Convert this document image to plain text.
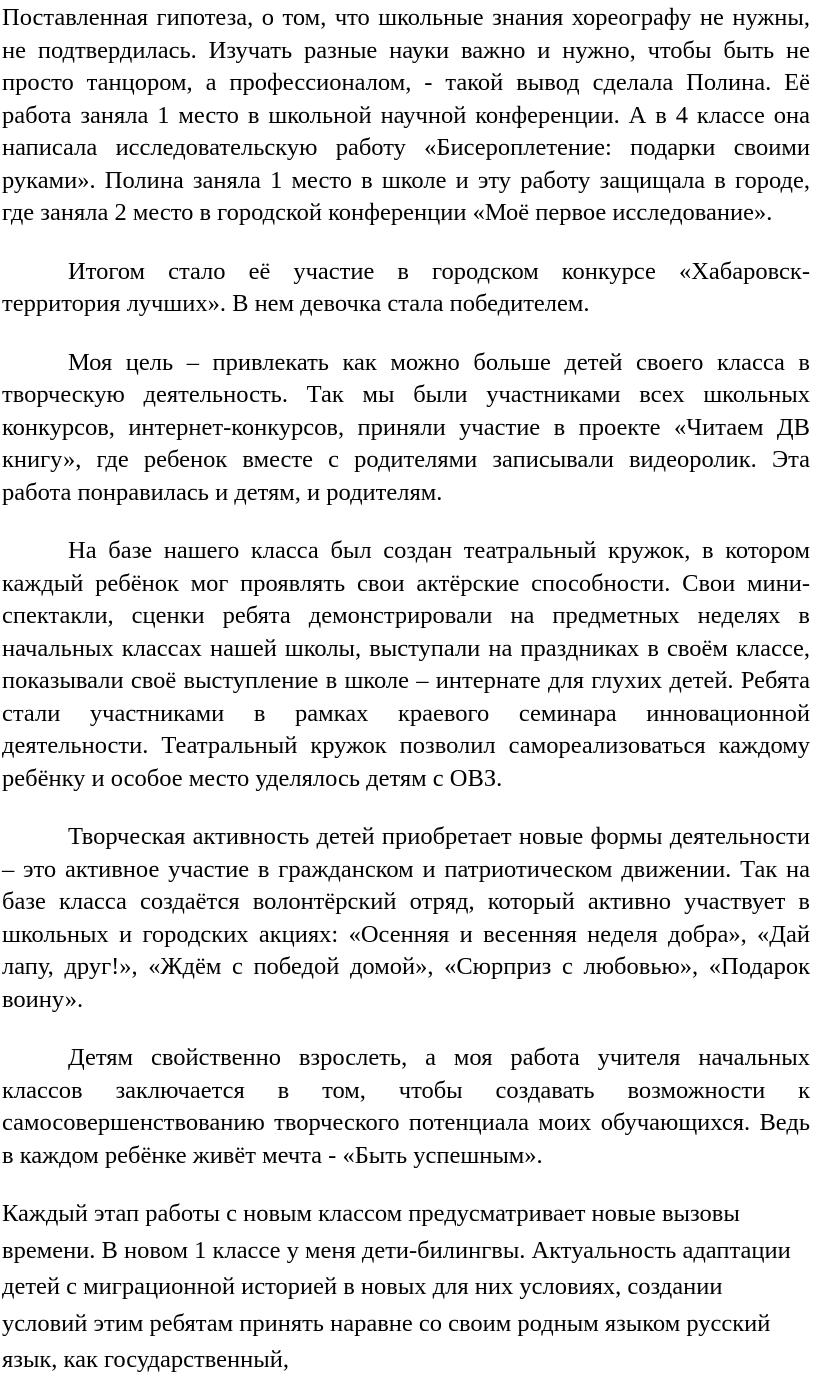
Поставленная гипотеза, о том, что школьные знания хореографу не нужны, не подтвердилась. Изучать разные науки важно и нужно, чтобы быть не просто танцором, а профессионалом, - такой вывод сделала Полина. Её работа заняла 1 место в школьной научной конференции. А в 4 классе она написала исследовательскую работу «Бисероплетение: подарки своими руками». Полина заняла 1 место в школе и эту работу защищала в городе, где заняла 2 место в городской конференции «Моё первое исследование».

Итогом стало её участие в городском конкурсе «Хабаровск-территория лучших». В нем девочка стала победителем.

Моя цель – привлекать как можно больше детей своего класса в творческую деятельность. Так мы были участниками всех школьных конкурсов, интернет-конкурсов, приняли участие в проекте «Читаем ДВ книгу», где ребенок вместе с родителями записывали видеоролик. Эта работа понравилась и детям, и родителям.

На базе нашего класса был создан театральный кружок, в котором каждый ребёнок мог проявлять свои актёрские способности. Свои мини-спектакли, сценки ребята демонстрировали на предметных неделях в начальных классах нашей школы, выступали на праздниках в своём классе, показывали своё выступление в школе – интернате для глухих детей. Ребята стали участниками в рамках краевого семинара инновационной деятельности. Театральный кружок позволил самореализоваться каждому ребёнку и особое место уделялось детям с ОВЗ.

Творческая активность детей приобретает новые формы деятельности – это активное участие в гражданском и патриотическом движении. Так на базе класса создаётся волонтёрский отряд, который активно участвует в школьных и городских акциях: «Осенняя и весенняя неделя добра», «Дай лапу, друг!», «Ждём с победой домой», «Сюрприз с любовью», «Подарок воину».

Детям свойственно взрослеть, а моя работа учителя начальных классов заключается в том, чтобы создавать возможности к самосовершенствованию творческого потенциала моих обучающихся. Ведь в каждом ребёнке живёт мечта - «Быть успешным».

Каждый этап работы с новым классом предусматривает новые вызовы времени. В новом 1 классе у меня дети-билингвы. Актуальность адаптации детей с миграционной историей в новых для них условиях, создании условий этим ребятам принять наравне со своим родным языком русский язык, как государственный,
